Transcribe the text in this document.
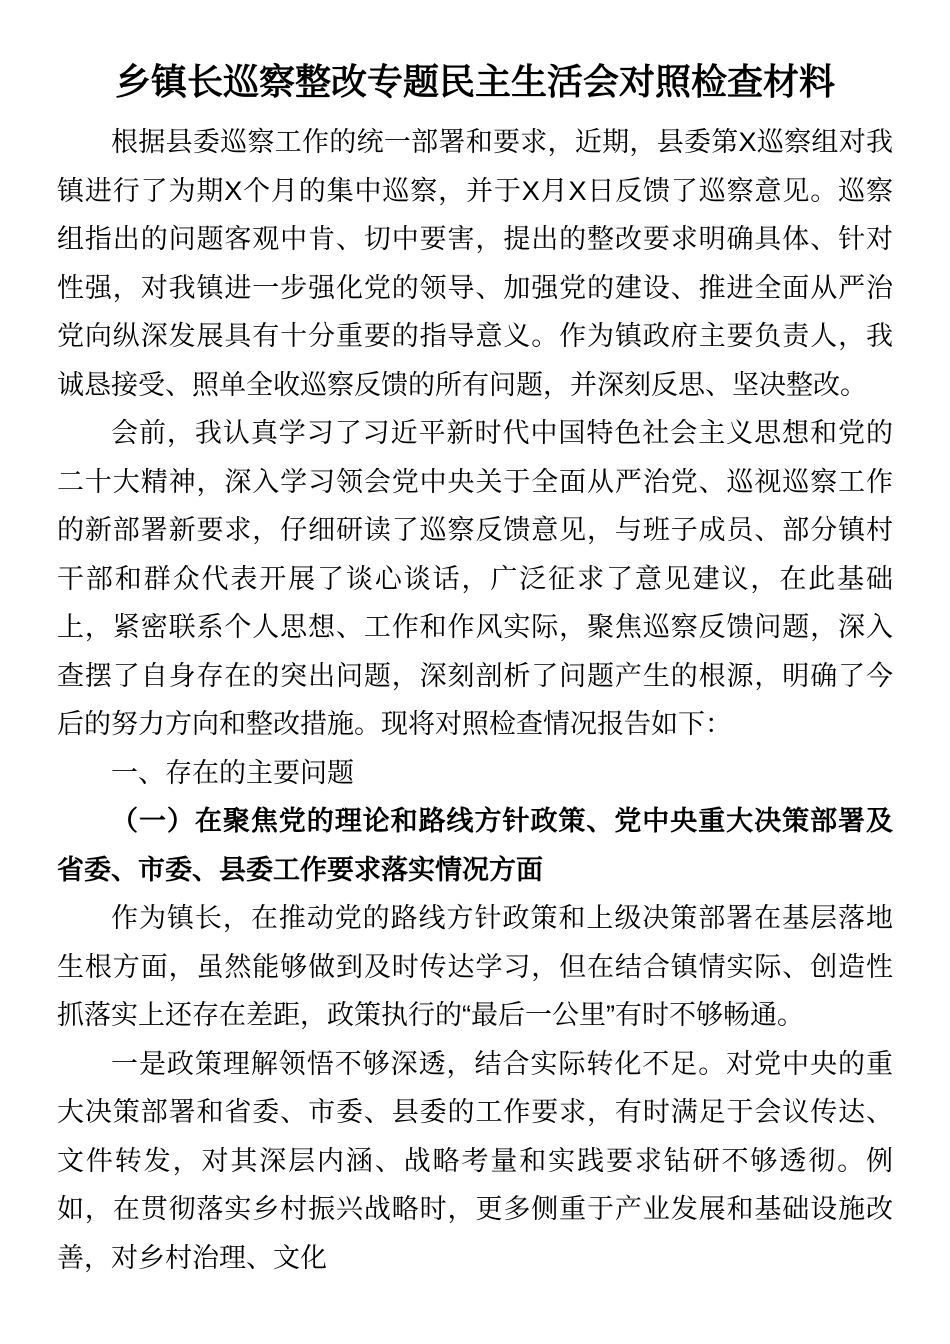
乡镇长巡察整改专题民主生活会对照检查材料

根据县委巡察工作的统一部署和要求，近期，县委第X巡察组对我镇进行了为期X个月的集中巡察，并于X月X日反馈了巡察意见。巡察组指出的问题客观中肯、切中要害，提出的整改要求明确具体、针对性强，对我镇进一步强化党的领导、加强党的建设、推进全面从严治党向纵深发展具有十分重要的指导意义。作为镇政府主要负责人，我诚恳接受、照单全收巡察反馈的所有问题，并深刻反思、坚决整改。

会前，我认真学习了习近平新时代中国特色社会主义思想和党的二十大精神，深入学习领会党中央关于全面从严治党、巡视巡察工作的新部署新要求，仔细研读了巡察反馈意见，与班子成员、部分镇村干部和群众代表开展了谈心谈话，广泛征求了意见建议，在此基础上，紧密联系个人思想、工作和作风实际，聚焦巡察反馈问题，深入查摆了自身存在的突出问题，深刻剖析了问题产生的根源，明确了今后的努力方向和整改措施。现将对照检查情况报告如下：

一、存在的主要问题

（一）在聚焦党的理论和路线方针政策、党中央重大决策部署及省委、市委、县委工作要求落实情况方面

作为镇长，在推动党的路线方针政策和上级决策部署在基层落地生根方面，虽然能够做到及时传达学习，但在结合镇情实际、创造性抓落实上还存在差距，政策执行的“最后一公里”有时不够畅通。

一是政策理解领悟不够深透，结合实际转化不足。对党中央的重大决策部署和省委、市委、县委的工作要求，有时满足于会议传达、文件转发，对其深层内涵、战略考量和实践要求钻研不够透彻。例如，在贯彻落实乡村振兴战略时，更多侧重于产业发展和基础设施改善，对乡村治理、文化
